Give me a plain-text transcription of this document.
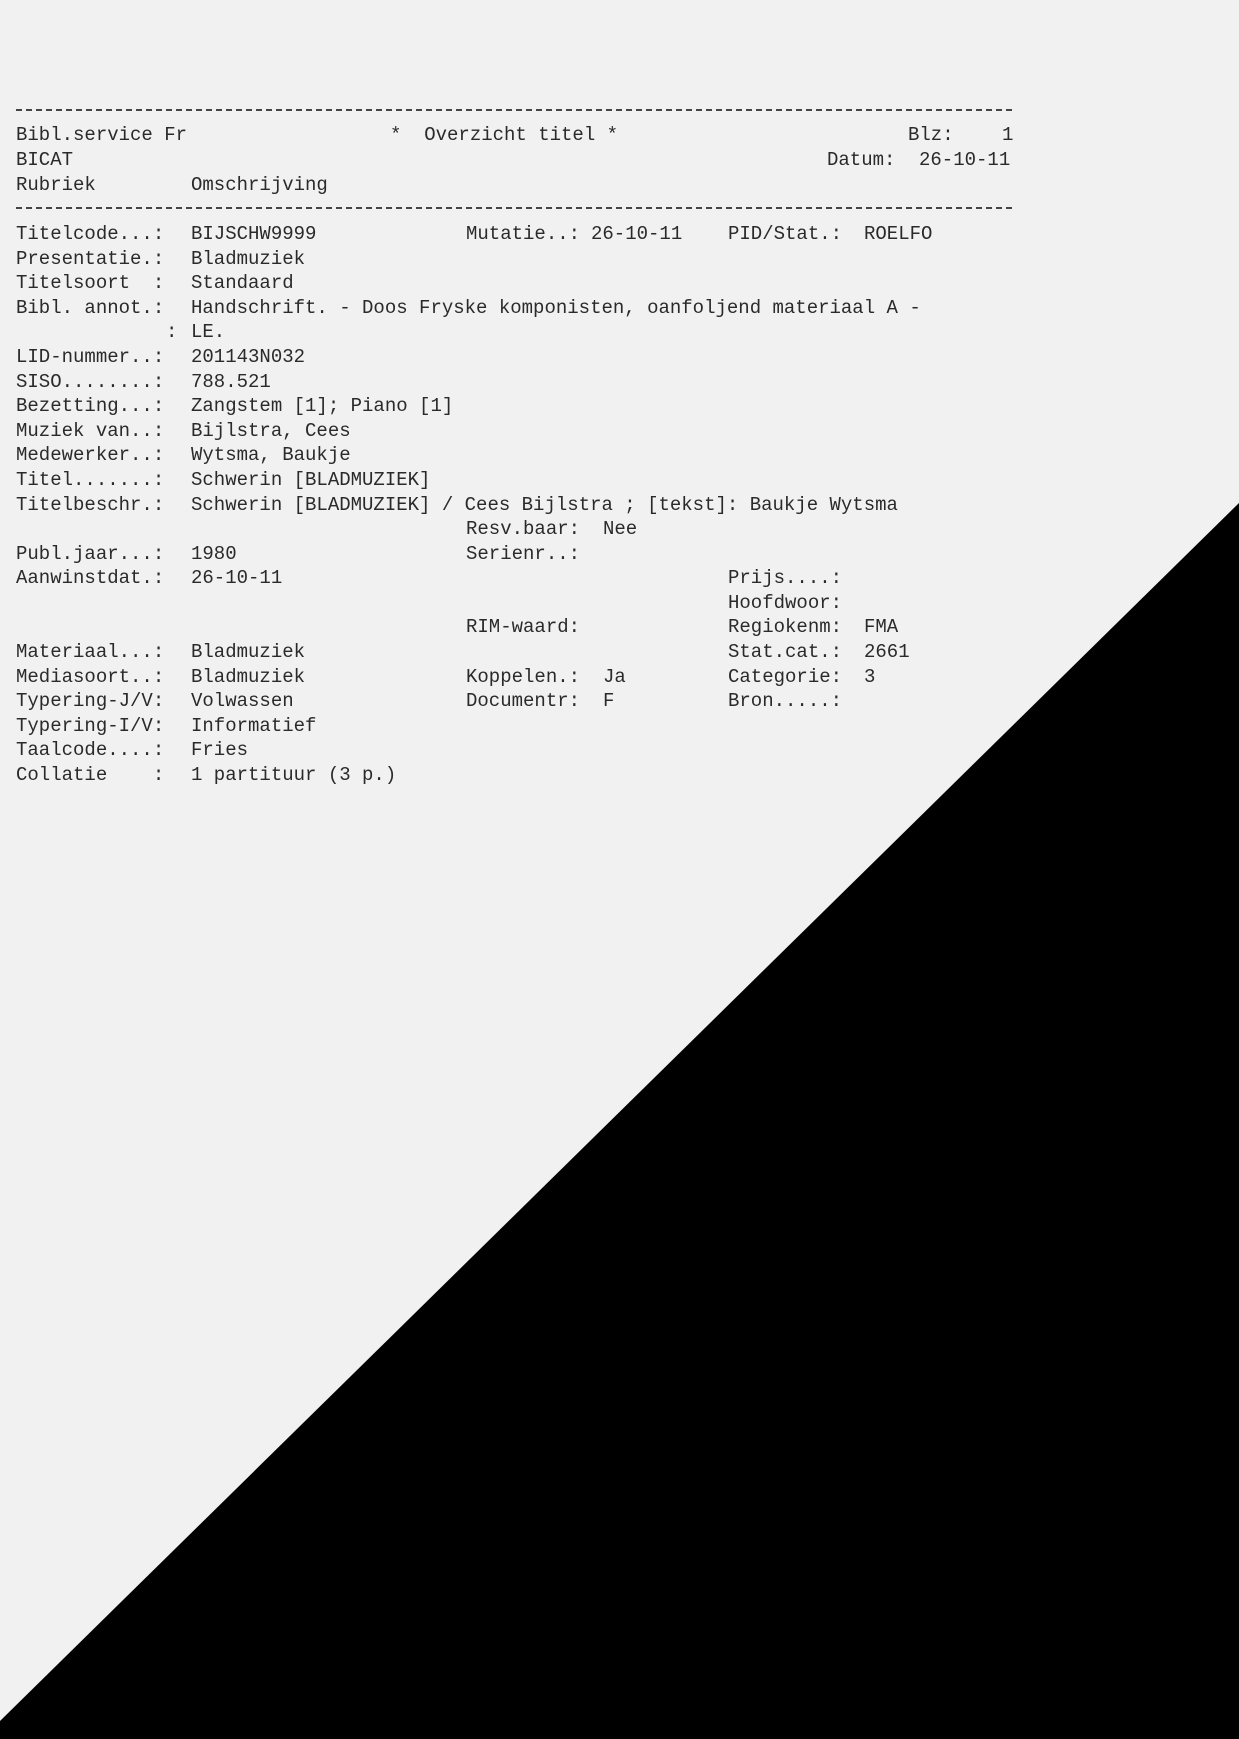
Bibl.service Fr	*  Overzicht titel *	Blz:	1
BICAT	Datum: 26-10-11
Rubriek	Omschrijving
Titelcode...: BIJSCHW9999	Mutatie..: 26-10-11 PID/Stat.: ROELFO
Presentatie.: Bladmuziek
Titelsoort  : Standaard
Bibl. annot.: Handschrift. - Doos Fryske komponisten, oanfoljend materiaal A -
: LE.
LID-nummer..: 201143N032
SISO........: 788.521
Bezetting...: Zangstem [1]; Piano [1]
Muziek van..: Bijlstra, Cees
Medewerker..: Wytsma, Baukje
Titel.......: Schwerin [BLADMUZIEK]
Titelbeschr.: Schwerin [BLADMUZIEK] / Cees Bijlstra ; [tekst]: Baukje Wytsma
Resv.baar: Nee
Publ.jaar...: 1980	Serienr..:
Aanwinstdat.: 26-10-11	Prijs....:
Hoofdwoor:
RIM-waard:	Regiokenm: FMA
Materiaal...: Bladmuziek	Stat.cat.: 2661
Mediasoort..: Bladmuziek	Koppelen.: Ja	Categorie: 3
Typering-J/V: Volwassen	Documentr: F	Bron.....:
Typering-I/V: Informatief
Taalcode....: Fries
Collatie    : 1 partituur (3 p.)
